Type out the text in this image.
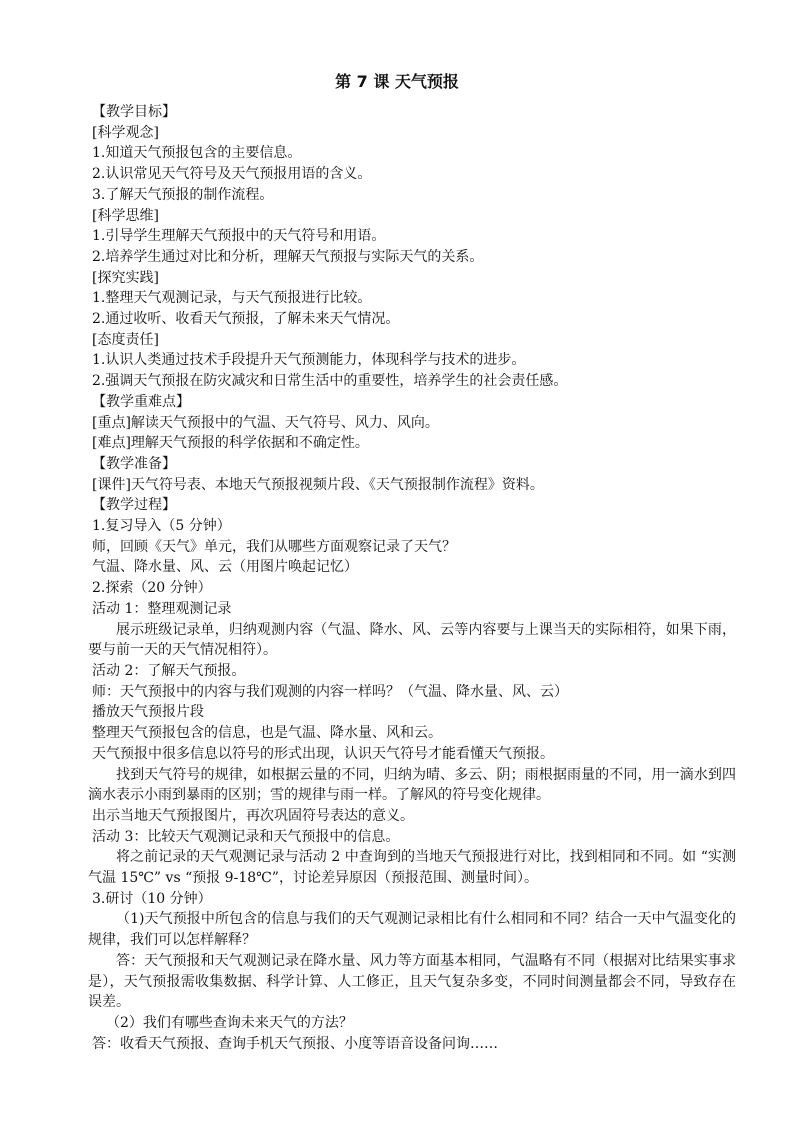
第 7 课 天气预报

【教学目标】

[科学观念]

1.知道天气预报包含的主要信息。

2.认识常见天气符号及天气预报用语的含义。

3.了解天气预报的制作流程。

[科学思维]

1.引导学生理解天气预报中的天气符号和用语。

2.培养学生通过对比和分析，理解天气预报与实际天气的关系。

[探究实践]

1.整理天气观测记录，与天气预报进行比较。

2.通过收听、收看天气预报，了解未来天气情况。

[态度责任]

1.认识人类通过技术手段提升天气预测能力，体现科学与技术的进步。

2.强调天气预报在防灾减灾和日常生活中的重要性，培养学生的社会责任感。

【教学重难点】

[重点]解读天气预报中的气温、天气符号、风力、风向。

[难点]理解天气预报的科学依据和不确定性。

【教学准备】

[课件]天气符号表、本地天气预报视频片段、《天气预报制作流程》资料。

【教学过程】

1.复习导入（5 分钟）

师，回顾《天气》单元，我们从哪些方面观察记录了天气？

气温、降水量、风、云（用图片唤起记忆）

2.探索（20 分钟）

活动 1：整理观测记录

展示班级记录单，归纳观测内容（气温、降水、风、云等内容要与上课当天的实际相符，如果下雨，要与前一天的天气情况相符）。

活动 2：了解天气预报。

师：天气预报中的内容与我们观测的内容一样吗？（气温、降水量、风、云）

播放天气预报片段

整理天气预报包含的信息，也是气温、降水量、风和云。

天气预报中很多信息以符号的形式出现，认识天气符号才能看懂天气预报。

找到天气符号的规律，如根据云量的不同，归纳为晴、多云、阴；雨根据雨量的不同，用一滴水到四滴水表示小雨到暴雨的区别；雪的规律与雨一样。了解风的符号变化规律。

出示当地天气预报图片，再次巩固符号表达的意义。

活动 3：比较天气观测记录和天气预报中的信息。

将之前记录的天气观测记录与活动 2 中查询到的当地天气预报进行对比，找到相同和不同。如 “实测气温 15℃” vs “预报 9-18℃”，讨论差异原因（预报范围、测量时间）。

3.研讨（10 分钟）

（1)天气预报中所包含的信息与我们的天气观测记录相比有什么相同和不同？结合一天中气温变化的规律，我们可以怎样解释？

答：天气预报和天气观测记录在降水量、风力等方面基本相同，气温略有不同（根据对比结果实事求是），天气预报需收集数据、科学计算、人工修正，且天气复杂多变，不同时间测量都会不同，导致存在误差。

（2）我们有哪些查询未来天气的方法？

答：收看天气预报、查询手机天气预报、小度等语音设备问询……
